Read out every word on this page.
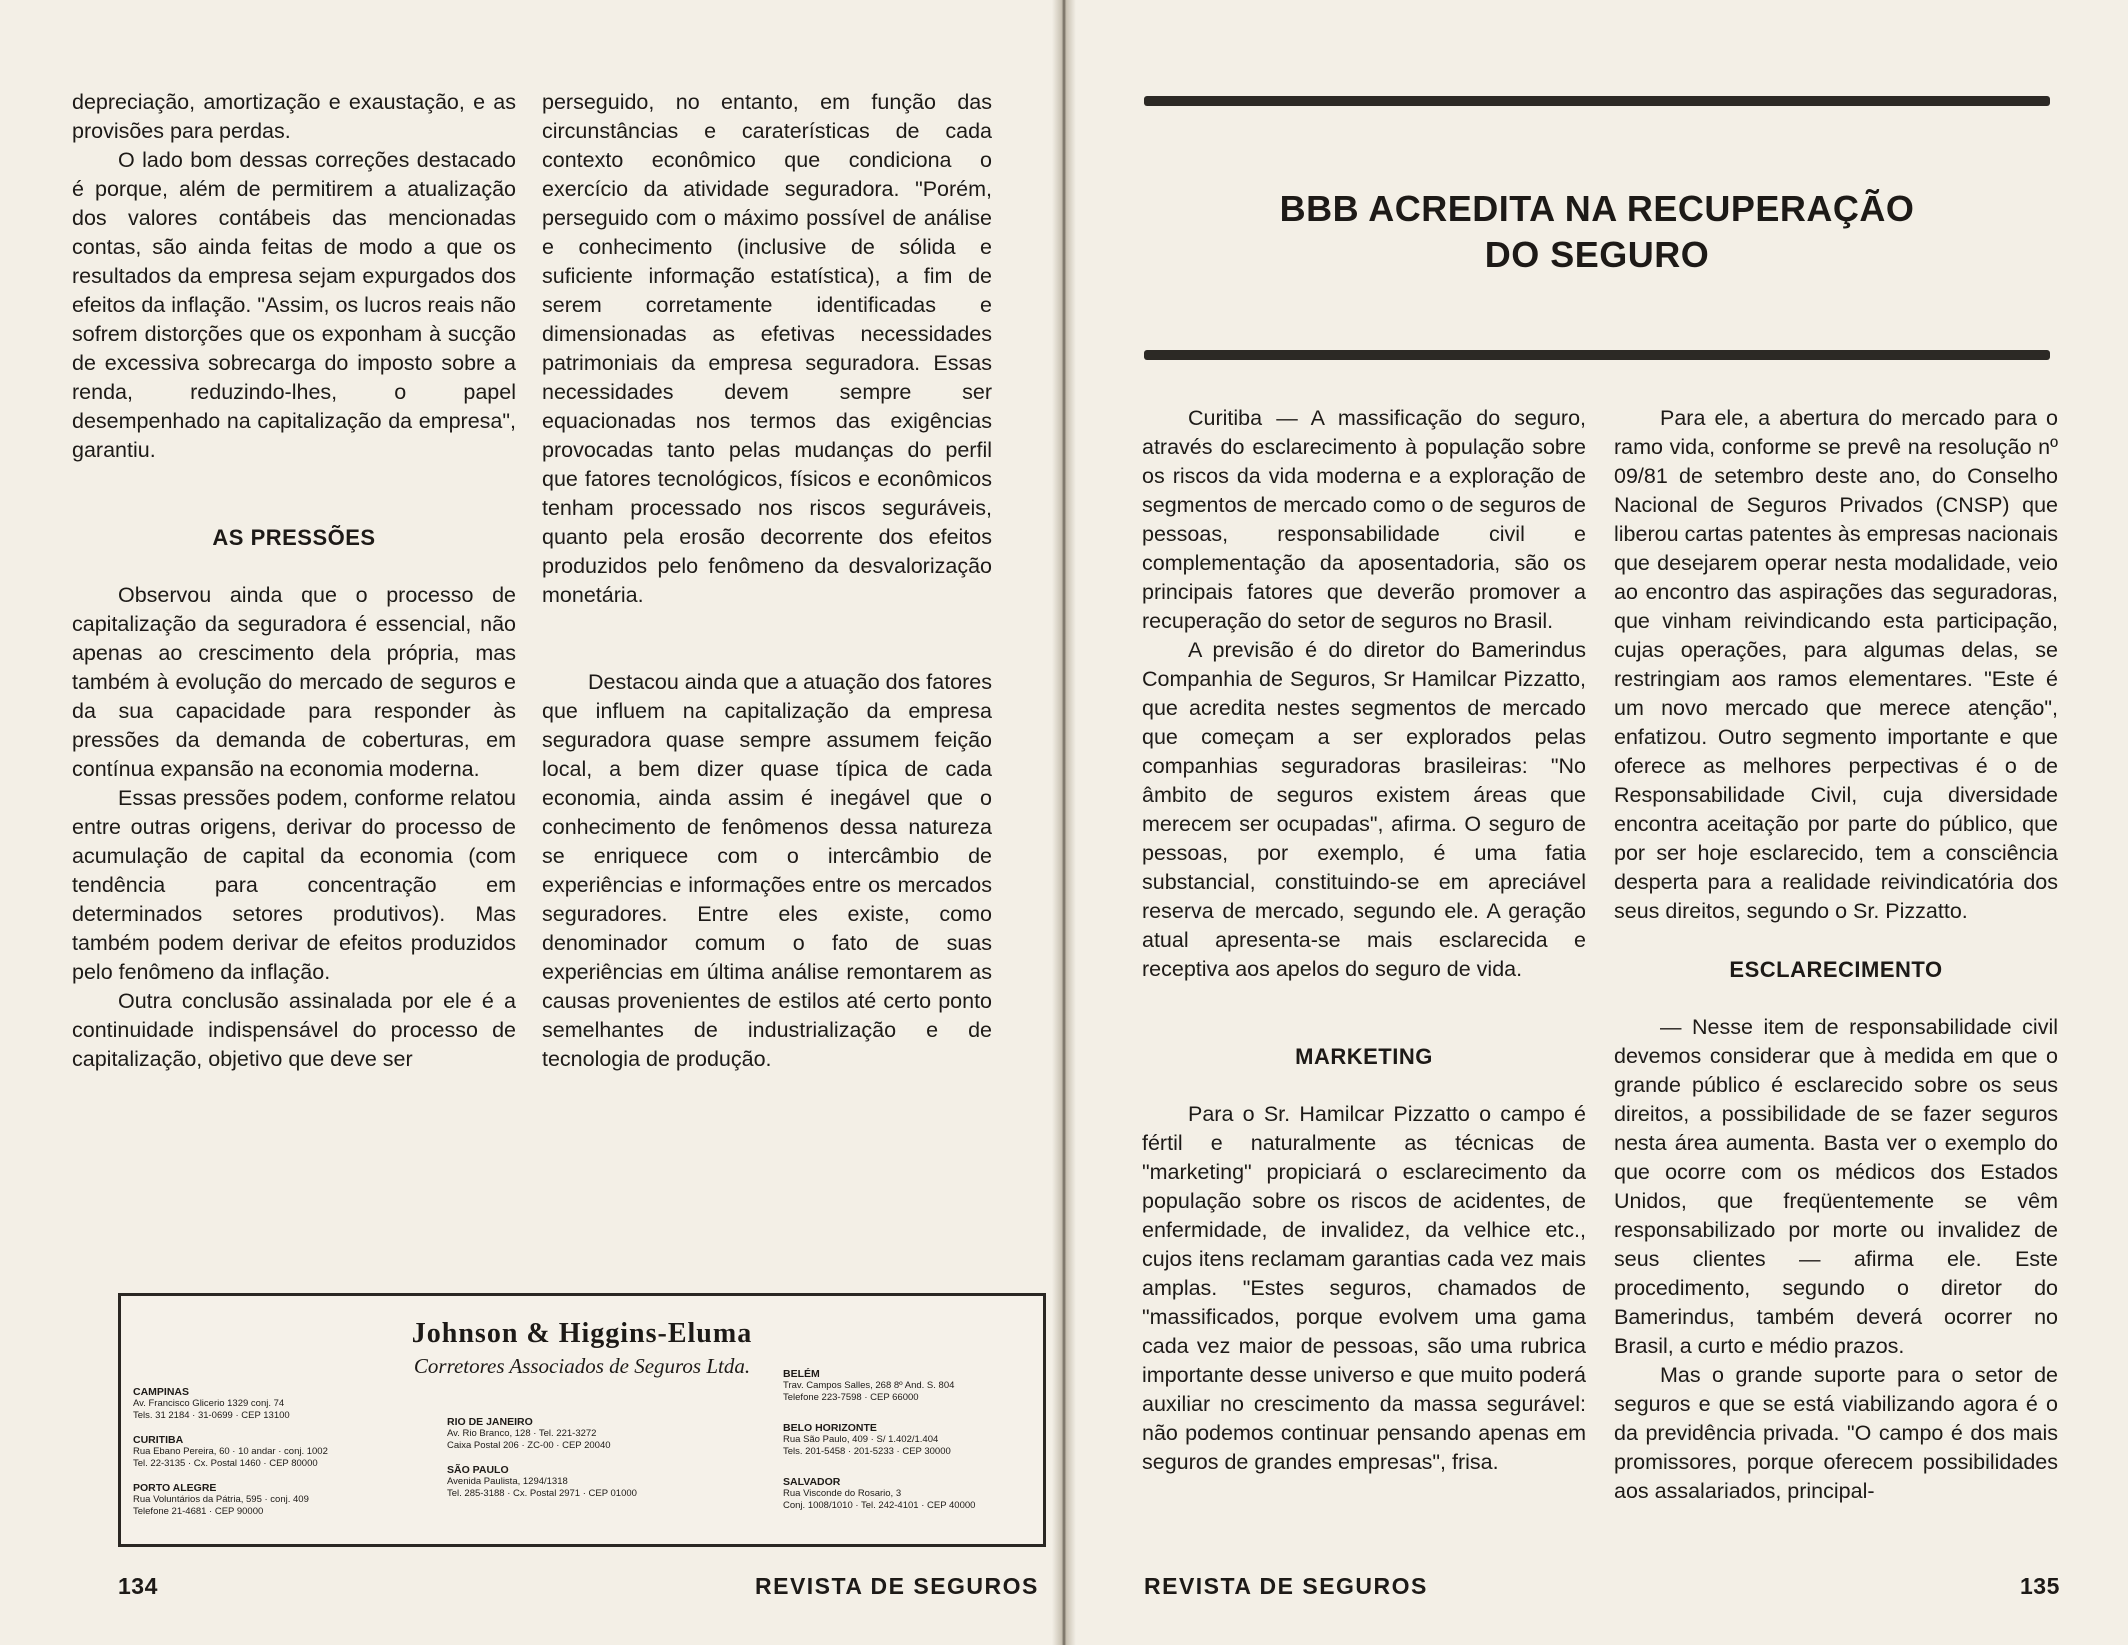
depreciação, amortização e exaustação, e as provisões para perdas.

O lado bom dessas correções destacado é porque, além de permitirem a atualização dos valores contábeis das mencionadas contas, são ainda feitas de modo a que os resultados da empresa sejam expurgados dos efeitos da inflação. "Assim, os lucros reais não sofrem distorções que os exponham à sucção de excessiva sobrecarga do imposto sobre a renda, reduzindo-lhes, o papel desempenhado na capitalização da empresa", garantiu.

AS PRESSÕES

Observou ainda que o processo de capitalização da seguradora é essencial, não apenas ao crescimento dela própria, mas também à evolução do mercado de seguros e da sua capacidade para responder às pressões da demanda de coberturas, em contínua expansão na economia moderna.

Essas pressões podem, conforme relatou entre outras origens, derivar do processo de acumulação de capital da economia (com tendência para concentração em determinados setores produtivos). Mas também podem derivar de efeitos produzidos pelo fenômeno da inflação.

Outra conclusão assinalada por ele é a continuidade indispensável do processo de capitalização, objetivo que deve ser

perseguido, no entanto, em função das circunstâncias e caraterísticas de cada contexto econômico que condiciona o exercício da atividade seguradora. "Porém, perseguido com o máximo possível de análise e conhecimento (inclusive de sólida e suficiente informação estatística), a fim de serem corretamente identificadas e dimensionadas as efetivas necessidades patrimoniais da empresa seguradora. Essas necessidades devem sempre ser equacionadas nos termos das exigências provocadas tanto pelas mudanças do perfil que fatores tecnológicos, físicos e econômicos tenham processado nos riscos seguráveis, quanto pela erosão decorrente dos efeitos produzidos pelo fenômeno da desvalorização monetária.

Destacou ainda que a atuação dos fatores que influem na capitalização da empresa seguradora quase sempre assumem feição local, a bem dizer quase típica de cada economia, ainda assim é inegável que o conhecimento de fenômenos dessa natureza se enriquece com o intercâmbio de experiências e informações entre os mercados seguradores. Entre eles existe, como denominador comum o fato de suas experiências em última análise remontarem as causas provenientes de estilos até certo ponto semelhantes de industrialização e de tecnologia de produção.

Johnson & Higgins-Eluma
Corretores Associados de Seguros Ltda.
CAMPINAS
Av. Francisco Glicerio 1329 conj. 74
Tels. 31 2184 · 31-0699 · CEP 13100
CURITIBA
Rua Ebano Pereira, 60 · 10 andar · conj. 1002
Tel. 22-3135 · Cx. Postal 1460 · CEP 80000
PORTO ALEGRE
Rua Voluntários da Pátria, 595 · conj. 409
Telefone 21-4681 · CEP 90000
RIO DE JANEIRO
Av. Rio Branco, 128 · Tel. 221-3272
Caixa Postal 206 · ZC-00 · CEP 20040
SÃO PAULO
Avenida Paulista, 1294/1318
Tel. 285-3188 · Cx. Postal 2971 · CEP 01000
BELÉM
Trav. Campos Salles, 268 8º And. S. 804
Telefone 223-7598 · CEP 66000
BELO HORIZONTE
Rua São Paulo, 409 · S/ 1.402/1.404
Tels. 201-5458 · 201-5233 · CEP 30000
SALVADOR
Rua Visconde do Rosario, 3
Conj. 1008/1010 · Tel. 242-4101 · CEP 40000
134	REVISTA DE SEGUROS
BBB ACREDITA NA RECUPERAÇÃO
DO SEGURO

Curitiba — A massificação do seguro, através do esclarecimento à população sobre os riscos da vida moderna e a exploração de segmentos de mercado como o de seguros de pessoas, responsabilidade civil e complementação da aposentadoria, são os principais fatores que deverão promover a recuperação do setor de seguros no Brasil.

A previsão é do diretor do Bamerindus Companhia de Seguros, Sr Hamilcar Pizzatto, que acredita nestes segmentos de mercado que começam a ser explorados pelas companhias seguradoras brasileiras: "No âmbito de seguros existem áreas que merecem ser ocupadas", afirma. O seguro de pessoas, por exemplo, é uma fatia substancial, constituindo-se em apreciável reserva de mercado, segundo ele. A geração atual apresenta-se mais esclarecida e receptiva aos apelos do seguro de vida.

MARKETING

Para o Sr. Hamilcar Pizzatto o campo é fértil e naturalmente as técnicas de "marketing" propiciará o esclarecimento da população sobre os riscos de acidentes, de enfermidade, de invalidez, da velhice etc., cujos itens reclamam garantias cada vez mais amplas. "Estes seguros, chamados de "massificados, porque evolvem uma gama cada vez maior de pessoas, são uma rubrica importante desse universo e que muito poderá auxiliar no crescimento da massa segurável: não podemos continuar pensando apenas em seguros de grandes empresas", frisa.

Para ele, a abertura do mercado para o ramo vida, conforme se prevê na resolução nº 09/81 de setembro deste ano, do Conselho Nacional de Seguros Privados (CNSP) que liberou cartas patentes às empresas nacionais que desejarem operar nesta modalidade, veio ao encontro das aspirações das seguradoras, que vinham reivindicando esta participação, cujas operações, para algumas delas, se restringiam aos ramos elementares. "Este é um novo mercado que merece atenção", enfatizou. Outro segmento importante e que oferece as melhores perpectivas é o de Responsabilidade Civil, cuja diversidade encontra aceitação por parte do público, que por ser hoje esclarecido, tem a consciência desperta para a realidade reivindicatória dos seus direitos, segundo o Sr. Pizzatto.

ESCLARECIMENTO

— Nesse item de responsabilidade civil devemos considerar que à medida em que o grande público é esclarecido sobre os seus direitos, a possibilidade de se fazer seguros nesta área aumenta. Basta ver o exemplo do que ocorre com os médicos dos Estados Unidos, que freqüentemente se vêm responsabilizado por morte ou invalidez de seus clientes — afirma ele. Este procedimento, segundo o diretor do Bamerindus, também deverá ocorrer no Brasil, a curto e médio prazos.

Mas o grande suporte para o setor de seguros e que se está viabilizando agora é o da previdência privada. "O campo é dos mais promissores, porque oferecem possibilidades aos assalariados, principal-

REVISTA DE SEGUROS	135
